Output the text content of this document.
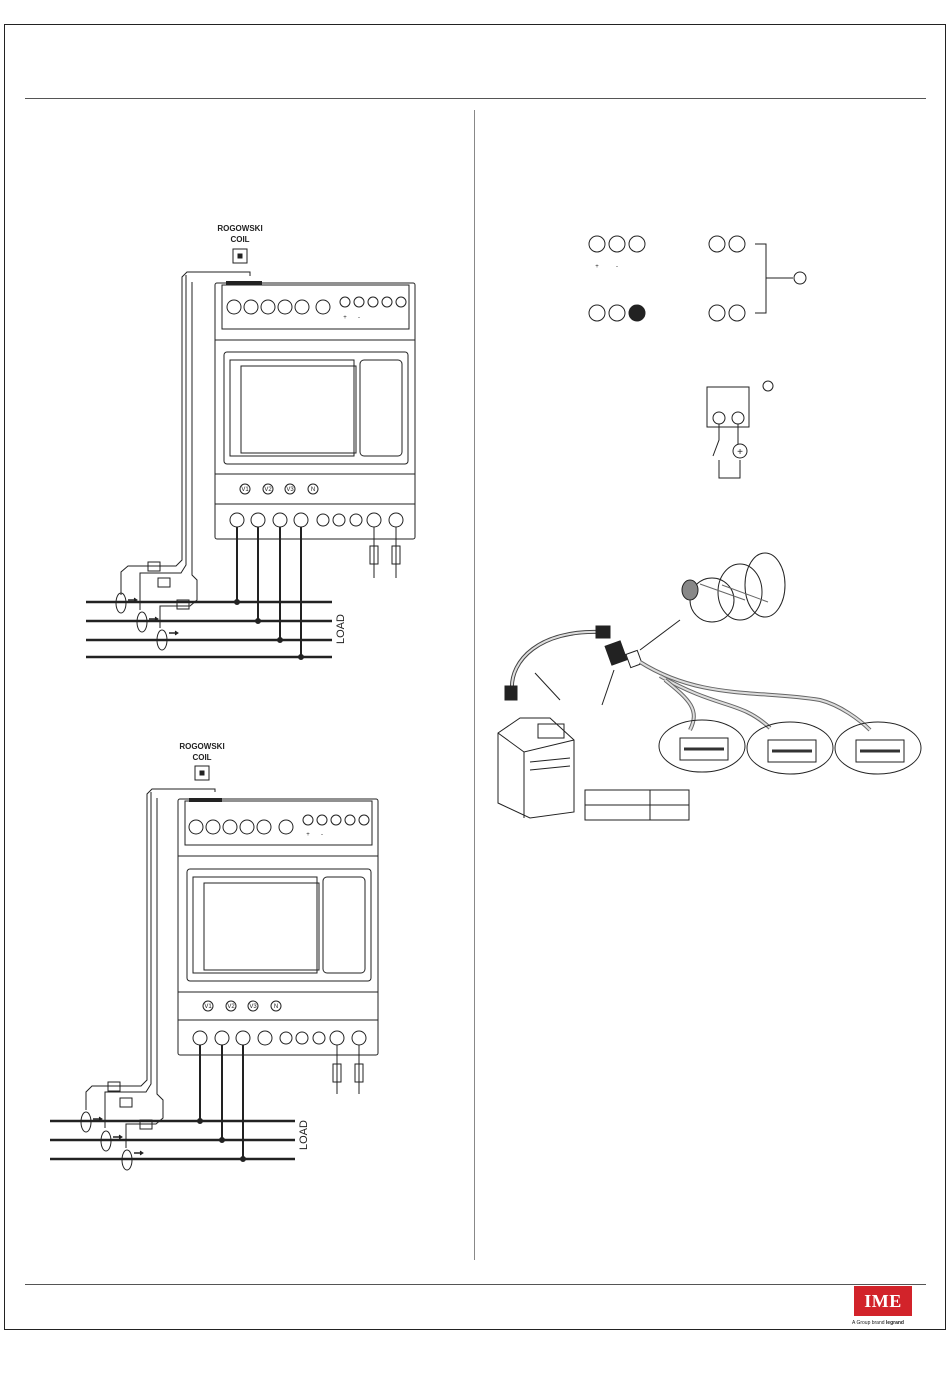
ROGOWSKI
COIL
+ -
V1	V2 V3	N
LOAD
ROGOWSKI
COIL
+ -
V1	V2 V3	N
LOAD
+	-
+
IME
A Group brand legrand
